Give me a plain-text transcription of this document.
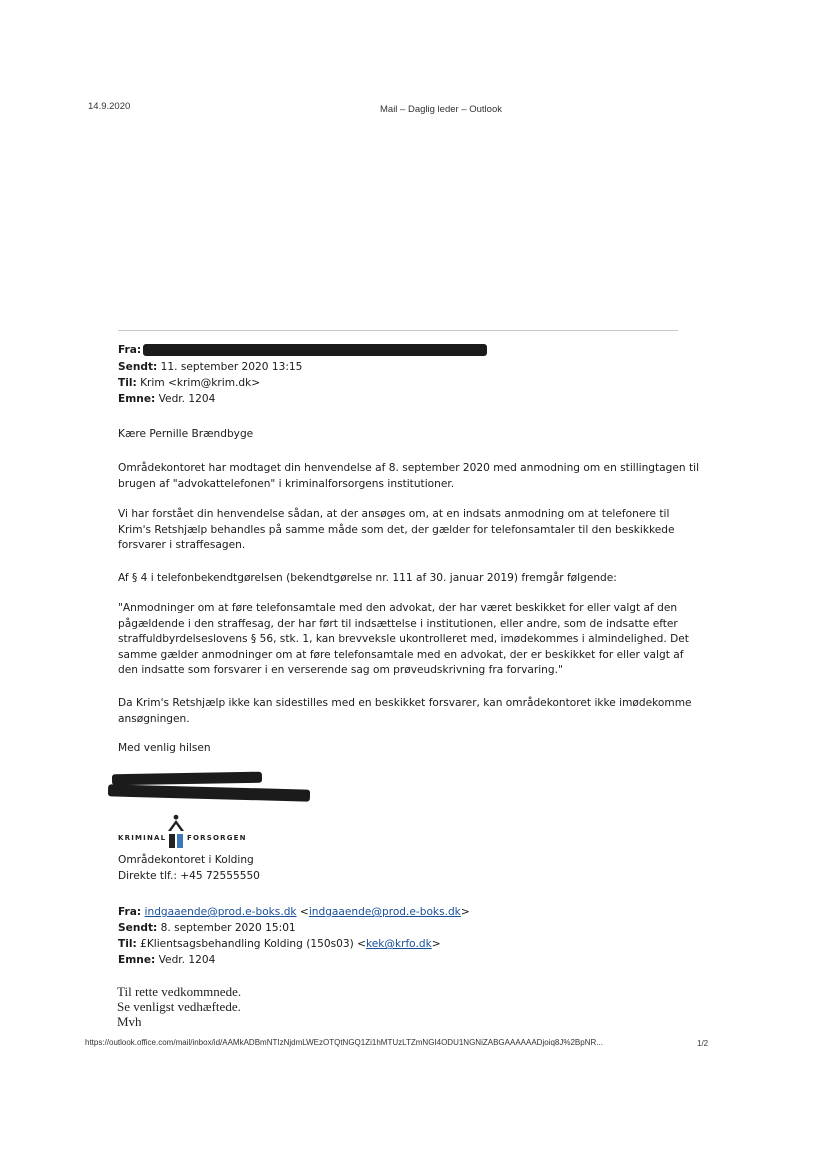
14.9.2020	Mail – Daglig leder – Outlook
Fra:
Sendt: 11. september 2020 13:15
Til: Krim <krim@krim.dk>
Emne: Vedr. 1204
Kære Pernille Brændbyge
Områdekontoret har modtaget din henvendelse af 8. september 2020 med anmodning om en stillingtagen til
brugen af "advokattelefonen" i kriminalforsorgens institutioner.
Vi har forstået din henvendelse sådan, at der ansøges om, at en indsats anmodning om at telefonere til
Krim's Retshjælp behandles på samme måde som det, der gælder for telefonsamtaler til den beskikkede
forsvarer i straffesagen.
Af § 4 i telefonbekendtgørelsen (bekendtgørelse nr. 111 af 30. januar 2019) fremgår følgende:
"Anmodninger om at føre telefonsamtale med den advokat, der har været beskikket for eller valgt af den
pågældende i den straffesag, der har ført til indsættelse i institutionen, eller andre, som de indsatte efter
straffuldbyrdelseslovens § 56, stk. 1, kan brevveksle ukontrolleret med, imødekommes i almindelighed. Det
samme gælder anmodninger om at føre telefonsamtale med en advokat, der er beskikket for eller valgt af
den indsatte som forsvarer i en verserende sag om prøveudskrivning fra forvaring."
Da Krim's Retshjælp ikke kan sidestilles med en beskikket forsvarer, kan områdekontoret ikke imødekomme
ansøgningen.
Med venlig hilsen
KRIMINAL	FORSORGEN
Områdekontoret i Kolding
Direkte tlf.: +45 72555550
Fra: indgaaende@prod.e-boks.dk <indgaaende@prod.e-boks.dk>
Sendt: 8. september 2020 15:01
Til: £Klientsagsbehandling Kolding (150s03) <kek@krfo.dk>
Emne: Vedr. 1204
Til rette vedkommnede.
Se venligst vedhæftede.
Mvh
https://outlook.office.com/mail/inbox/id/AAMkADBmNTIzNjdmLWEzOTQtNGQ1Zi1hMTUzLTZmNGI4ODU1NGNiZABGAAAAAADjoiq8J%2BpNR...	1/2
